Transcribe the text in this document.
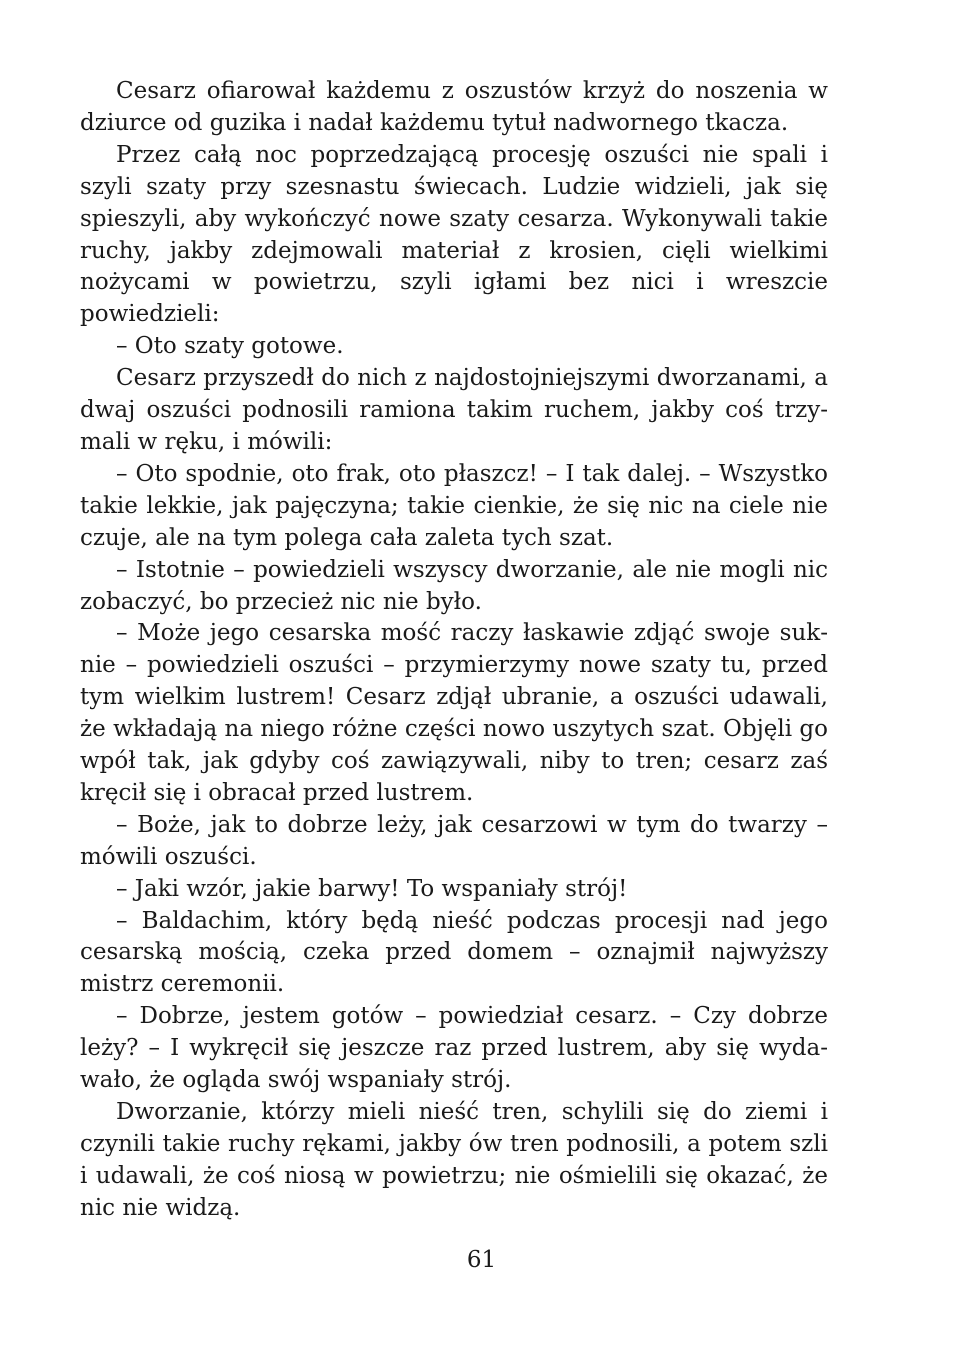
Cesarz ofiarował każdemu z oszustów krzyż do noszenia w dziurce od guzika i nadał każdemu tytuł nadwornego tkacza.

Przez całą noc poprzedzającą procesję oszuści nie spali i szyli szaty przy szesnastu świecach. Ludzie widzieli, jak się spieszyli, aby wykończyć nowe szaty cesarza. Wykonywali takie ruchy, jakby zdejmowali materiał z krosien, cięli wielkimi nożycami w powietrzu, szyli igłami bez nici i wreszcie powiedzieli:

– Oto szaty gotowe.

Cesarz przyszedł do nich z najdostojniejszymi dworzanami, a dwaj oszuści podnosili ramiona takim ruchem, jakby coś trzymali w ręku, i mówili:

– Oto spodnie, oto frak, oto płaszcz! – I tak dalej. – Wszystko takie lekkie, jak pajęczyna; takie cienkie, że się nic na ciele nie czuje, ale na tym polega cała zaleta tych szat.

– Istotnie – powiedzieli wszyscy dworzanie, ale nie mogli nic zobaczyć, bo przecież nic nie było.

– Może jego cesarska mość raczy łaskawie zdjąć swoje suknie – powiedzieli oszuści – przymierzymy nowe szaty tu, przed tym wielkim lustrem! Cesarz zdjął ubranie, a oszuści udawali, że wkładają na niego różne części nowo uszytych szat. Objęli go wpół tak, jak gdyby coś zawiązywali, niby to tren; cesarz zaś kręcił się i obracał przed lustrem.

– Boże, jak to dobrze leży, jak cesarzowi w tym do twarzy – mówili oszuści.

– Jaki wzór, jakie barwy! To wspaniały strój!

– Baldachim, który będą nieść podczas procesji nad jego cesarską mością, czeka przed domem – oznajmił najwyższy mistrz ceremonii.

– Dobrze, jestem gotów – powiedział cesarz. – Czy dobrze leży? – I wykręcił się jeszcze raz przed lustrem, aby się wydawało, że ogląda swój wspaniały strój.

Dworzanie, którzy mieli nieść tren, schylili się do ziemi i czynili takie ruchy rękami, jakby ów tren podnosili, a potem szli i udawali, że coś niosą w powietrzu; nie ośmielili się okazać, że nic nie widzą.

61
